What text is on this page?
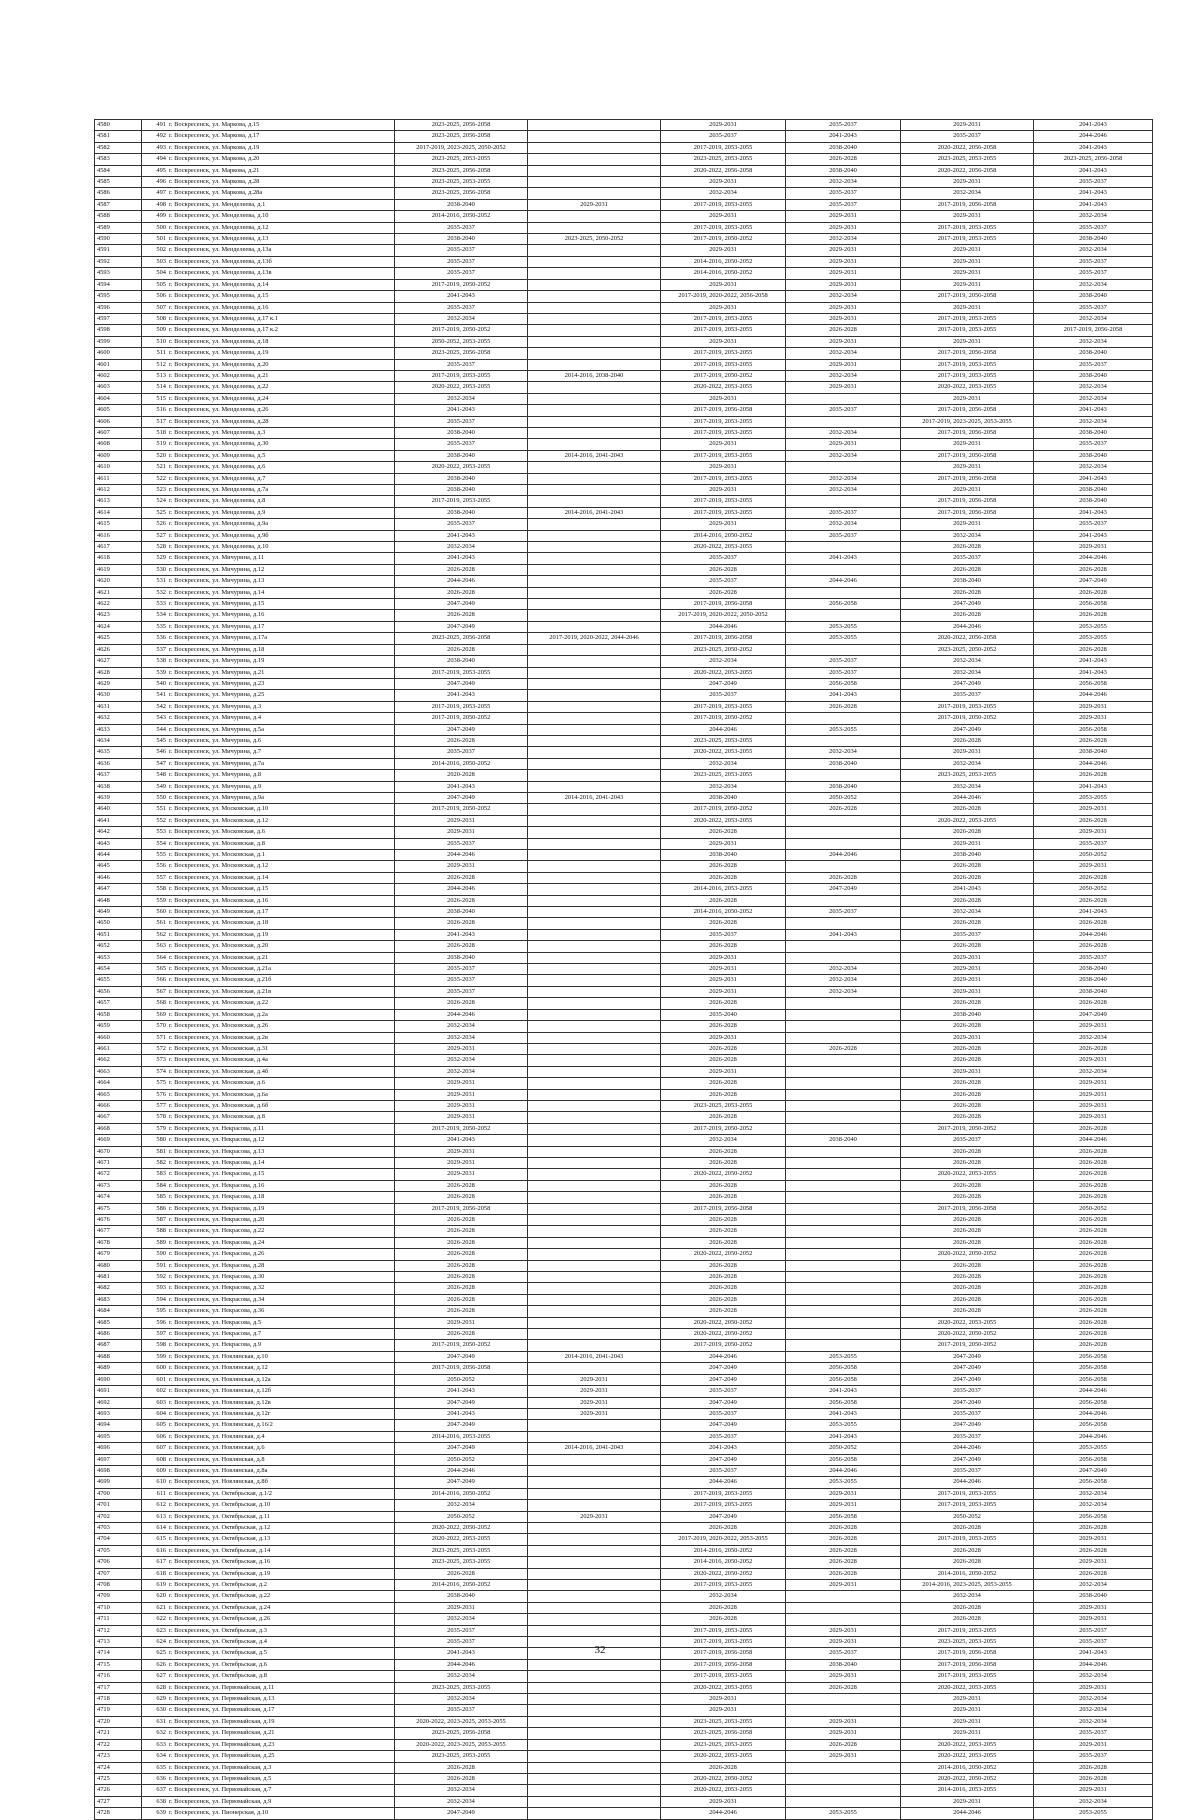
4580	491 г. Воскресенск, ул. Маркова, д.15	2023-2025, 2056-2058		2029-2031	2035-2037	2029-2031	2041-2043
4581	492 г. Воскресенск, ул. Маркова, д.17	2023-2025, 2056-2058		2035-2037	2041-2043	2035-2037	2044-2046
4582	493 г. Воскресенск, ул. Маркова, д.19	2017-2019, 2023-2025, 2050-2052		2017-2019, 2053-2055	2038-2040	2020-2022, 2056-2058	2041-2043
4583	494 г. Воскресенск, ул. Маркова, д.20	2023-2025, 2053-2055		2023-2025, 2053-2055	2026-2028	2023-2025, 2053-2055	2023-2025, 2056-2058
4584	495 г. Воскресенск, ул. Маркова, д.21	2023-2025, 2056-2058		2020-2022, 2056-2058	2038-2040	2020-2022, 2056-2058	2041-2043
4585	496 г. Воскресенск, ул. Маркова, д.28	2023-2025, 2053-2055		2029-2031	2032-2034	2029-2031	2035-2037
4586	497 г. Воскресенск, ул. Маркова, д.28а	2023-2025, 2056-2058		2032-2034	2035-2037	2032-2034	2041-2043
4587	498 г. Воскресенск, ул. Менделеева, д.1	2038-2040	2029-2031	2017-2019, 2053-2055	2035-2037	2017-2019, 2056-2058	2041-2043
4588	499 г. Воскресенск, ул. Менделеева, д.10	2014-2016, 2050-2052		2029-2031	2029-2031	2029-2031	2032-2034
4589	500 г. Воскресенск, ул. Менделеева, д.12	2035-2037		2017-2019, 2053-2055	2029-2031	2017-2019, 2053-2055	2035-2037
4590	501 г. Воскресенск, ул. Менделеева, д.13	2038-2040	2023-2025, 2050-2052	2017-2019, 2050-2052	2032-2034	2017-2019, 2053-2055	2038-2040
4591	502 г. Воскресенск, ул. Менделеева, д.13а	2035-2037		2029-2031	2029-2031	2029-2031	2032-2034
4592	503 г. Воскресенск, ул. Менделеева, д.13б	2035-2037		2014-2016, 2050-2052	2029-2031	2029-2031	2035-2037
4593	504 г. Воскресенск, ул. Менделеева, д.13в	2035-2037		2014-2016, 2050-2052	2029-2031	2029-2031	2035-2037
4594	505 г. Воскресенск, ул. Менделеева, д.14	2017-2019, 2050-2052		2029-2031	2029-2031	2029-2031	2032-2034
4595	506 г. Воскресенск, ул. Менделеева, д.15	2041-2043		2017-2019, 2020-2022, 2056-2058	2032-2034	2017-2019, 2056-2058	2038-2040
4596	507 г. Воскресенск, ул. Менделеева, д.16	2035-2037		2029-2031	2029-2031	2029-2031	2035-2037
4597	508 г. Воскресенск, ул. Менделеева, д.17 к.1	2032-2034		2017-2019, 2053-2055	2029-2031	2017-2019, 2053-2055	2032-2034
4598	509 г. Воскресенск, ул. Менделеева, д.17 к.2	2017-2019, 2050-2052		2017-2019, 2053-2055	2026-2028	2017-2019, 2053-2055	2017-2019, 2056-2058
4599	510 г. Воскресенск, ул. Менделеева, д.18	2050-2052, 2053-2055		2029-2031	2029-2031	2029-2031	2032-2034
4600	511 г. Воскресенск, ул. Менделеева, д.19	2023-2025, 2056-2058		2017-2019, 2053-2055	2032-2034	2017-2019, 2056-2058	2038-2040
4601	512 г. Воскресенск, ул. Менделеева, д.20	2035-2037		2017-2019, 2053-2055	2029-2031	2017-2019, 2053-2055	2035-2037
4602	513 г. Воскресенск, ул. Менделеева, д.21	2017-2019, 2053-2055	2014-2016, 2038-2040	2017-2019, 2050-2052	2032-2034	2017-2019, 2053-2055	2038-2040
4603	514 г. Воскресенск, ул. Менделеева, д.22	2020-2022, 2053-2055		2020-2022, 2053-2055	2029-2031	2020-2022, 2053-2055	2032-2034
4604	515 г. Воскресенск, ул. Менделеева, д.24	2032-2034		2029-2031		2029-2031	2032-2034
4605	516 г. Воскресенск, ул. Менделеева, д.26	2041-2043		2017-2019, 2056-2058	2035-2037	2017-2019, 2056-2058	2041-2043
4606	517 г. Воскресенск, ул. Менделеева, д.28	2035-2037		2017-2019, 2053-2055		2017-2019, 2023-2025, 2053-2055	2032-2034
4607	518 г. Воскресенск, ул. Менделеева, д.3	2038-2040		2017-2019, 2053-2055	2032-2034	2017-2019, 2056-2058	2038-2040
4608	519 г. Воскресенск, ул. Менделеева, д.30	2035-2037		2029-2031	2029-2031	2029-2031	2035-2037
4609	520 г. Воскресенск, ул. Менделеева, д.5	2038-2040	2014-2016, 2041-2043	2017-2019, 2053-2055	2032-2034	2017-2019, 2056-2058	2038-2040
4610	521 г. Воскресенск, ул. Менделеева, д.6	2020-2022, 2053-2055		2029-2031		2029-2031	2032-2034
4611	522 г. Воскресенск, ул. Менделеева, д.7	2038-2040		2017-2019, 2053-2055	2032-2034	2017-2019, 2056-2058	2041-2043
4612	523 г. Воскресенск, ул. Менделеева, д.7а	2038-2040		2029-2031	2032-2034	2029-2031	2038-2040
4613	524 г. Воскресенск, ул. Менделеева, д.8	2017-2019, 2053-2055		2017-2019, 2053-2055		2017-2019, 2056-2058	2038-2040
4614	525 г. Воскресенск, ул. Менделеева, д.9	2038-2040	2014-2016, 2041-2043	2017-2019, 2053-2055	2035-2037	2017-2019, 2056-2058	2041-2043
4615	526 г. Воскресенск, ул. Менделеева, д.9а	2035-2037		2029-2031	2032-2034	2029-2031	2035-2037
4616	527 г. Воскресенск, ул. Менделеева, д.9б	2041-2043		2014-2016, 2050-2052	2035-2037	2032-2034	2041-2043
4617	528 г. Воскресенск, ул. Менделеева, д.10	2032-2034		2020-2022, 2053-2055		2026-2028	2029-2031
4618	529 г. Воскресенск, ул. Мичурина, д.11	2041-2043		2035-2037	2041-2043	2035-2037	2044-2046
4619	530 г. Воскресенск, ул. Мичурина, д.12	2026-2028		2026-2028		2026-2028	2026-2028
4620	531 г. Воскресенск, ул. Мичурина, д.13	2044-2046		2035-2037	2044-2046	2038-2040	2047-2049
4621	532 г. Воскресенск, ул. Мичурина, д.14	2026-2028		2026-2028		2026-2028	2026-2028
4622	533 г. Воскресенск, ул. Мичурина, д.15	2047-2049		2017-2019, 2056-2058	2056-2058	2047-2049	2056-2058
4623	534 г. Воскресенск, ул. Мичурина, д.16	2026-2028		2017-2019, 2020-2022, 2050-2052		2026-2028	2026-2028
4624	535 г. Воскресенск, ул. Мичурина, д.17	2047-2049		2044-2046	2053-2055	2044-2046	2053-2055
4625	536 г. Воскресенск, ул. Мичурина, д.17а	2023-2025, 2056-2058	2017-2019, 2020-2022, 2044-2046	2017-2019, 2056-2058	2053-2055	2020-2022, 2056-2058	2053-2055
4626	537 г. Воскресенск, ул. Мичурина, д.18	2026-2028		2023-2025, 2050-2052		2023-2025, 2050-2052	2026-2028
4627	538 г. Воскресенск, ул. Мичурина, д.19	2038-2040		2032-2034	2035-2037	2032-2034	2041-2043
4628	539 г. Воскресенск, ул. Мичурина, д.21	2017-2019, 2053-2055		2020-2022, 2053-2055	2035-2037	2032-2034	2041-2043
4629	540 г. Воскресенск, ул. Мичурина, д.23	2047-2049		2047-2049	2056-2058	2047-2049	2056-2058
4630	541 г. Воскресенск, ул. Мичурина, д.25	2041-2043		2035-2037	2041-2043	2035-2037	2044-2046
4631	542 г. Воскресенск, ул. Мичурина, д.3	2017-2019, 2053-2055		2017-2019, 2053-2055	2026-2028	2017-2019, 2053-2055	2029-2031
4632	543 г. Воскресенск, ул. Мичурина, д.4	2017-2019, 2050-2052		2017-2019, 2050-2052		2017-2019, 2050-2052	2029-2031
4633	544 г. Воскресенск, ул. Мичурина, д.5а	2047-2049		2044-2046	2053-2055	2047-2049	2056-2058
4634	545 г. Воскресенск, ул. Мичурина, д.6	2026-2028		2023-2025, 2053-2055		2026-2028	2026-2028
4635	546 г. Воскресенск, ул. Мичурина, д.7	2035-2037		2020-2022, 2053-2055	2032-2034	2029-2031	2038-2040
4636	547 г. Воскресенск, ул. Мичурина, д.7а	2014-2016, 2050-2052		2032-2034	2038-2040	2032-2034	2044-2046
4637	548 г. Воскресенск, ул. Мичурина, д.8	2020-2028		2023-2025, 2053-2055		2023-2025, 2053-2055	2026-2028
4638	549 г. Воскресенск, ул. Мичурина, д.9	2041-2043		2032-2034	2038-2040	2032-2034	2041-2043
4639	550 г. Воскресенск, ул. Мичурина, д.9а	2047-2049	2014-2016, 2041-2043	2038-2040	2050-2052	2044-2046	2053-2055
4640	551 г. Воскресенск, ул. Московская, д.10	2017-2019, 2050-2052		2017-2019, 2050-2052	2026-2028	2026-2028	2029-2031
4641	552 г. Воскресенск, ул. Московская, д.12	2029-2031		2020-2022, 2053-2055		2020-2022, 2053-2055	2026-2028
4642	553 г. Воскресенск, ул. Московская, д.6	2029-2031		2026-2028		2026-2028	2029-2031
4643	554 г. Воскресенск, ул. Московская, д.8	2035-2037		2029-2031		2029-2031	2035-2037
4644	555 г. Воскресенск, ул. Московская, д.1	2044-2046		2038-2040	2044-2046	2038-2040	2050-2052
4645	556 г. Воскресенск, ул. Московская, д.12	2029-2031		2026-2028		2026-2028	2029-2031
4646	557 г. Воскресенск, ул. Московская, д.14	2026-2028		2026-2028	2026-2028	2026-2028	2026-2028
4647	558 г. Воскресенск, ул. Московская, д.15	2044-2046		2014-2016, 2053-2055	2047-2049	2041-2043	2050-2052
4648	559 г. Воскресенск, ул. Московская, д.16	2026-2028		2026-2028		2026-2028	2026-2028
4649	560 г. Воскресенск, ул. Московская, д.17	2038-2040		2014-2016, 2050-2052	2035-2037	2032-2034	2041-2043
4650	561 г. Воскресенск, ул. Московская, д.18	2026-2028		2026-2028		2026-2028	2026-2028
4651	562 г. Воскресенск, ул. Московская, д.19	2041-2043		2035-2037	2041-2043	2035-2037	2044-2046
4652	563 г. Воскресенск, ул. Московская, д.20	2026-2028		2026-2028		2026-2028	2026-2028
4653	564 г. Воскресенск, ул. Московская, д.21	2038-2040		2029-2031		2029-2031	2035-2037
4654	565 г. Воскресенск, ул. Московская, д.21а	2035-2037		2029-2031	2032-2034	2029-2031	2038-2040
4655	566 г. Воскресенск, ул. Московская, д.21б	2035-2037		2029-2031	2032-2034	2029-2031	2038-2040
4656	567 г. Воскресенск, ул. Московская, д.21в	2035-2037		2029-2031	2032-2034	2029-2031	2038-2040
4657	568 г. Воскресенск, ул. Московская, д.22	2026-2028		2026-2028		2026-2028	2026-2028
4658	569 г. Воскресенск, ул. Московская, д.2а	2044-2046		2035-2040		2038-2040	2047-2049
4659	570 г. Воскресенск, ул. Московская, д.26	2032-2034		2026-2028		2026-2028	2029-2031
4660	571 г. Воскресенск, ул. Московская, д.2в	2032-2034		2029-2031		2029-2031	2032-2034
4661	572 г. Воскресенск, ул. Московская, д.31	2029-2031		2026-2028	2026-2028	2026-2028	2026-2028
4662	573 г. Воскресенск, ул. Московская, д.4а	2032-2034		2026-2028		2026-2028	2029-2031
4663	574 г. Воскресенск, ул. Московская, д.4б	2032-2034		2029-2031		2029-2031	2032-2034
4664	575 г. Воскресенск, ул. Московская, д.6	2029-2031		2026-2028		2026-2028	2029-2031
4665	576 г. Воскресенск, ул. Московская, д.6а	2029-2031		2026-2028		2026-2028	2029-2031
4666	577 г. Воскресенск, ул. Московская, д.6б	2029-2031		2023-2025, 2053-2055		2026-2028	2029-2031
4667	578 г. Воскресенск, ул. Московская, д.8	2029-2031		2026-2028		2026-2028	2029-2031
4668	579 г. Воскресенск, ул. Некрасова, д.11	2017-2019, 2050-2052		2017-2019, 2050-2052		2017-2019, 2050-2052	2026-2028
4669	580 г. Воскресенск, ул. Некрасова, д.12	2041-2043		2032-2034	2038-2040	2035-2037	2044-2046
4670	581 г. Воскресенск, ул. Некрасова, д.13	2029-2031		2026-2028		2026-2028	2026-2028
4671	582 г. Воскресенск, ул. Некрасова, д.14	2029-2031		2026-2028		2026-2028	2026-2028
4672	583 г. Воскресенск, ул. Некрасова, д.15	2029-2031		2020-2022, 2050-2052		2020-2022, 2053-2055	2026-2028
4673	584 г. Воскресенск, ул. Некрасова, д.16	2026-2028		2026-2028		2026-2028	2026-2028
4674	585 г. Воскресенск, ул. Некрасова, д.18	2026-2028		2026-2028		2026-2028	2026-2028
4675	586 г. Воскресенск, ул. Некрасова, д.19	2017-2019, 2056-2058		2017-2019, 2056-2058		2017-2019, 2056-2058	2050-2052
4676	587 г. Воскресенск, ул. Некрасова, д.20	2026-2028		2026-2028		2026-2028	2026-2028
4677	588 г. Воскресенск, ул. Некрасова, д.22	2026-2028		2026-2028		2026-2028	2026-2028
4678	589 г. Воскресенск, ул. Некрасова, д.24	2026-2028		2026-2028		2026-2028	2026-2028
4679	590 г. Воскресенск, ул. Некрасова, д.26	2026-2028		2020-2022, 2050-2052		2020-2022, 2050-2052	2026-2028
4680	591 г. Воскресенск, ул. Некрасова, д.28	2026-2028		2026-2028		2026-2028	2026-2028
4681	592 г. Воскресенск, ул. Некрасова, д.30	2026-2028		2026-2028		2026-2028	2026-2028
4682	593 г. Воскресенск, ул. Некрасова, д.32	2026-2028		2026-2028		2026-2028	2026-2028
4683	594 г. Воскресенск, ул. Некрасова, д.34	2026-2028		2026-2028		2026-2028	2026-2028
4684	595 г. Воскресенск, ул. Некрасова, д.36	2026-2028		2026-2028		2026-2028	2026-2028
4685	596 г. Воскресенск, ул. Некрасова, д.5	2029-2031		2020-2022, 2050-2052		2020-2022, 2053-2055	2026-2028
4686	597 г. Воскресенск, ул. Некрасова, д.7	2026-2028		2020-2022, 2050-2052		2020-2022, 2050-2052	2026-2028
4687	598 г. Воскресенск, ул. Некрасова, д.9	2017-2019, 2050-2052		2017-2019, 2050-2052		2017-2019, 2050-2052	2026-2028
4688	599 г. Воскресенск, ул. Новлянская, д.10	2047-2049	2014-2016, 2041-2043	2044-2046	2053-2055	2047-2049	2056-2058
4689	600 г. Воскресенск, ул. Новлянская, д.12	2017-2019, 2056-2058		2047-2049	2056-2058	2047-2049	2056-2058
4690	601 г. Воскресенск, ул. Новлянская, д.12а	2050-2052	2029-2031	2047-2049	2056-2058	2047-2049	2056-2058
4691	602 г. Воскресенск, ул. Новлянская, д.12б	2041-2043	2029-2031	2035-2037	2041-2043	2035-2037	2044-2046
4692	603 г. Воскресенск, ул. Новлянская, д.12в	2047-2049	2029-2031	2047-2049	2056-2058	2047-2049	2056-2058
4693	604 г. Воскресенск, ул. Новлянская, д.12г	2041-2043	2029-2031	2035-2037	2041-2043	2035-2037	2044-2046
4694	605 г. Воскресенск, ул. Новлянская, д.16/2	2047-2049		2047-2049	2053-2055	2047-2049	2056-2058
4695	606 г. Воскресенск, ул. Новлянская, д.4	2014-2016, 2053-2055		2035-2037	2041-2043	2035-2037	2044-2046
4696	607 г. Воскресенск, ул. Новлянская, д.6	2047-2049	2014-2016, 2041-2043	2041-2043	2050-2052	2044-2046	2053-2055
4697	608 г. Воскресенск, ул. Новлянская, д.8	2050-2052		2047-2049	2056-2058	2047-2049	2056-2058
4698	609 г. Воскресенск, ул. Новлянская, д.8а	2044-2046		2035-2037	2044-2046	2035-2037	2047-2049
4699	610 г. Воскресенск, ул. Новлянская, д.8б	2047-2049		2044-2046	2053-2055	2044-2046	2056-2058
4700	611 г. Воскресенск, ул. Октябрьская, д.1/2	2014-2016, 2050-2052		2017-2019, 2053-2055	2029-2031	2017-2019, 2053-2055	2032-2034
4701	612 г. Воскресенск, ул. Октябрьская, д.10	2032-2034		2017-2019, 2053-2055	2029-2031	2017-2019, 2053-2055	2032-2034
4702	613 г. Воскресенск, ул. Октябрьская, д.11	2050-2052	2029-2031	2047-2049	2056-2058	2050-2052	2056-2058
4703	614 г. Воскресенск, ул. Октябрьская, д.12	2020-2022, 2050-2052		2026-2028	2026-2028	2026-2028	2026-2028
4704	615 г. Воскресенск, ул. Октябрьская, д.13	2020-2022, 2053-2055		2017-2019, 2020-2022, 2053-2055	2026-2028	2017-2019, 2053-2055	2029-2031
4705	616 г. Воскресенск, ул. Октябрьская, д.14	2023-2025, 2053-2055		2014-2016, 2050-2052	2026-2028	2026-2028	2026-2028
4706	617 г. Воскресенск, ул. Октябрьская, д.16	2023-2025, 2053-2055		2014-2016, 2050-2052	2026-2028	2026-2028	2029-2031
4707	618 г. Воскресенск, ул. Октябрьская, д.19	2026-2028		2020-2022, 2050-2052	2026-2028	2014-2016, 2050-2052	2026-2028
4708	619 г. Воскресенск, ул. Октябрьская, д.2	2014-2016, 2050-2052		2017-2019, 2053-2055	2029-2031	2014-2016, 2023-2025, 2053-2055	2032-2034
4709	620 г. Воскресенск, ул. Октябрьская, д.22	2038-2040		2032-2034		2032-2034	2038-2040
4710	621 г. Воскресенск, ул. Октябрьская, д.24	2029-2031		2026-2028		2026-2028	2029-2031
4711	622 г. Воскресенск, ул. Октябрьская, д.26	2032-2034		2026-2028		2026-2028	2029-2031
4712	623 г. Воскресенск, ул. Октябрьская, д.3	2035-2037		2017-2019, 2053-2055	2029-2031	2017-2019, 2053-2055	2035-2037
4713	624 г. Воскресенск, ул. Октябрьская, д.4	2035-2037		2017-2019, 2053-2055	2029-2031	2023-2025, 2053-2055	2035-2037
4714	625 г. Воскресенск, ул. Октябрьская, д.5	2041-2043		2017-2019, 2056-2058	2035-2037	2017-2019, 2056-2058	2041-2043
4715	626 г. Воскресенск, ул. Октябрьская, д.6	2044-2046		2017-2019, 2056-2058	2038-2040	2017-2019, 2056-2058	2044-2046
4716	627 г. Воскресенск, ул. Октябрьская, д.8	2032-2034		2017-2019, 2053-2055	2029-2031	2017-2019, 2053-2055	2032-2034
4717	628 г. Воскресенск, ул. Первомайская, д.11	2023-2025, 2053-2055		2020-2022, 2053-2055	2026-2028	2020-2022, 2053-2055	2029-2031
4718	629 г. Воскресенск, ул. Первомайская, д.13	2032-2034		2029-2031		2029-2031	2032-2034
4719	630 г. Воскресенск, ул. Первомайская, д.17	2035-2037		2029-2031		2029-2031	2032-2034
4720	631 г. Воскресенск, ул. Первомайская, д.19	2020-2022, 2023-2025, 2053-2055		2023-2025, 2053-2055	2029-2031	2029-2031	2032-2034
4721	632 г. Воскресенск, ул. Первомайская, д.21	2023-2025, 2056-2058		2023-2025, 2056-2058	2029-2031	2029-2031	2035-2037
4722	633 г. Воскресенск, ул. Первомайская, д.23	2020-2022, 2023-2025, 2053-2055		2023-2025, 2053-2055	2026-2028	2020-2022, 2053-2055	2029-2031
4723	634 г. Воскресенск, ул. Первомайская, д.25	2023-2025, 2053-2055		2020-2022, 2053-2055	2029-2031	2020-2022, 2053-2055	2035-2037
4724	635 г. Воскресенск, ул. Первомайская, д.3	2026-2028		2026-2028		2014-2016, 2050-2052	2026-2028
4725	636 г. Воскресенск, ул. Первомайская, д.5	2026-2028		2020-2022, 2050-2052		2020-2022, 2050-2052	2026-2028
4726	637 г. Воскресенск, ул. Первомайская, д.7	2032-2034		2020-2022, 2053-2055		2014-2016, 2053-2055	2029-2031
4727	638 г. Воскресенск, ул. Первомайская, д.9	2032-2034		2029-2031		2029-2031	2032-2034
4728	639 г. Воскресенск, ул. Пионерская, д.10	2047-2049		2044-2046	2053-2055	2044-2046	2053-2055
32
